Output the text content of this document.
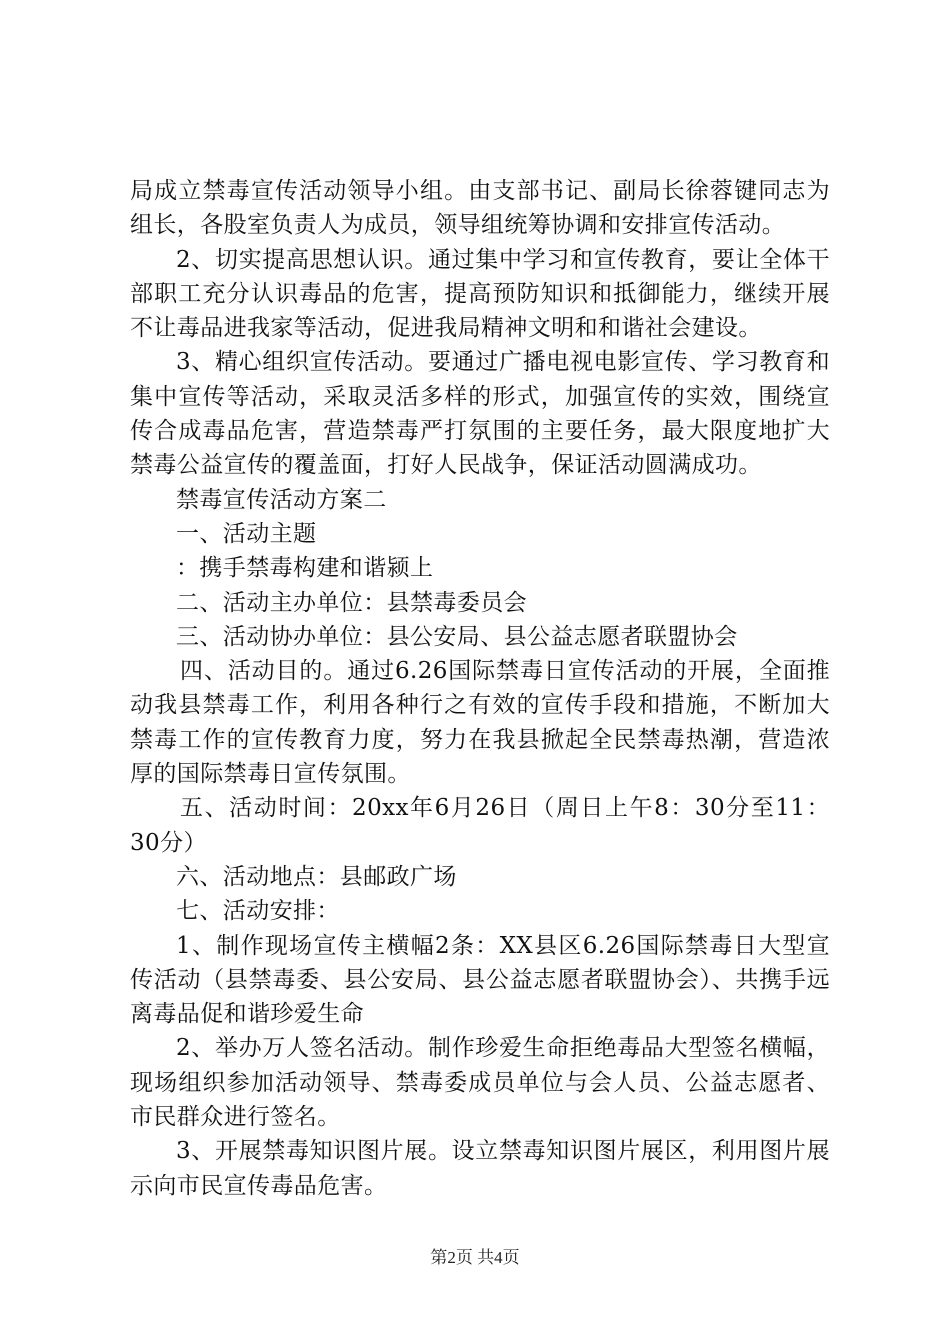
局成立禁毒宣传活动领导小组。由支部书记、副局长徐蓉键同志为组长，各股室负责人为成员，领导组统筹协调和安排宣传活动。

2、切实提高思想认识。通过集中学习和宣传教育，要让全体干部职工充分认识毒品的危害，提高预防知识和抵御能力，继续开展不让毒品进我家等活动，促进我局精神文明和和谐社会建设。

3、精心组织宣传活动。要通过广播电视电影宣传、学习教育和集中宣传等活动，采取灵活多样的形式，加强宣传的实效，围绕宣传合成毒品危害，营造禁毒严打氛围的主要任务，最大限度地扩大禁毒公益宣传的覆盖面，打好人民战争，保证活动圆满成功。

禁毒宣传活动方案二

一、活动主题

：携手禁毒构建和谐颍上

二、活动主办单位：县禁毒委员会

三、活动协办单位：县公安局、县公益志愿者联盟协会

四、活动目的。通过6.26国际禁毒日宣传活动的开展，全面推动我县禁毒工作，利用各种行之有效的宣传手段和措施，不断加大禁毒工作的宣传教育力度，努力在我县掀起全民禁毒热潮，营造浓厚的国际禁毒日宣传氛围。

五、活动时间：20xx年6月26日（周日上午8：30分至11：30分）

六、活动地点：县邮政广场

七、活动安排：

1、制作现场宣传主横幅2条：XX县区6.26国际禁毒日大型宣传活动（县禁毒委、县公安局、县公益志愿者联盟协会）、共携手远离毒品促和谐珍爱生命

2、举办万人签名活动。制作珍爱生命拒绝毒品大型签名横幅，现场组织参加活动领导、禁毒委成员单位与会人员、公益志愿者、市民群众进行签名。

3、开展禁毒知识图片展。设立禁毒知识图片展区，利用图片展示向市民宣传毒品危害。

第2页 共4页
